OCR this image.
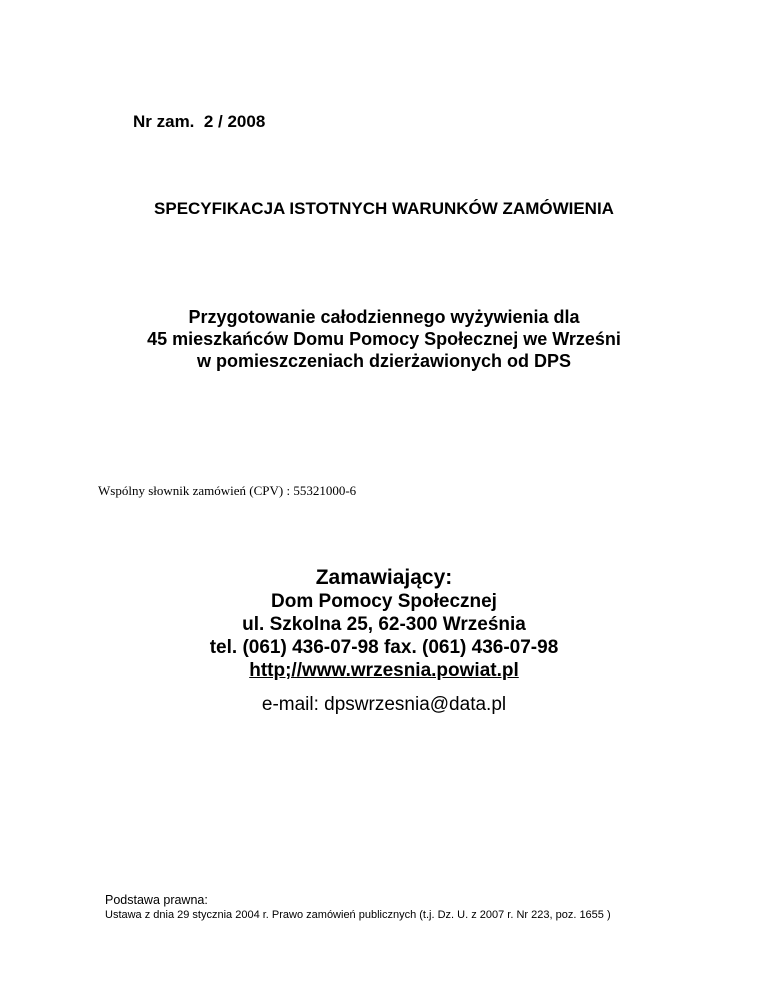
Nr zam.  2 / 2008

SPECYFIKACJA ISTOTNYCH WARUNKÓW ZAMÓWIENIA

Przygotowanie całodziennego wyżywienia dla
45 mieszkańców Domu Pomocy Społecznej we Wrześni
w pomieszczeniach dzierżawionych od DPS

Wspólny słownik zamówień (CPV) : 55321000-6

Zamawiający:
Dom Pomocy Społecznej
ul. Szkolna 25, 62-300 Września
tel. (061) 436-07-98 fax. (061) 436-07-98
http;//www.wrzesnia.powiat.pl

e-mail: dpswrzesnia@data.pl

Podstawa prawna:
Ustawa z dnia 29 stycznia 2004 r. Prawo zamówień publicznych (t.j. Dz. U. z 2007 r. Nr 223, poz. 1655 )
